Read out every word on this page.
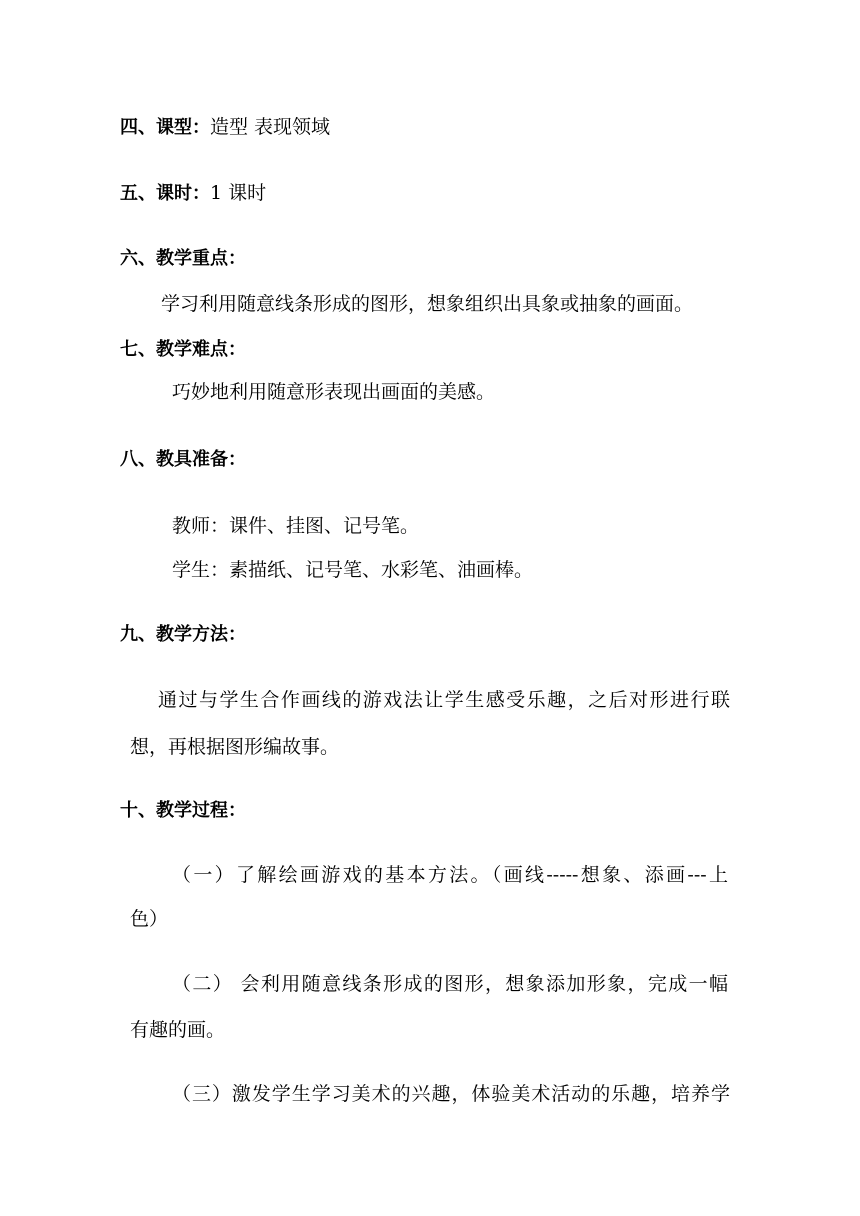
四、课型：造型 表现领域
五、课时：1 课时
六、教学重点：
学习利用随意线条形成的图形，想象组织出具象或抽象的画面。
七、教学难点：
巧妙地利用随意形表现出画面的美感。
八、教具准备：
教师：课件、挂图、记号笔。
学生：素描纸、记号笔、水彩笔、油画棒。
九、教学方法：
通过与学生合作画线的游戏法让学生感受乐趣，之后对形进行联
想，再根据图形编故事。
十、教学过程：
（一）了解绘画游戏的基本方法。（画线-----想象、添画---上
色）
（二） 会利用随意线条形成的图形，想象添加形象，完成一幅
有趣的画。
（三）激发学生学习美术的兴趣，体验美术活动的乐趣，培养学
